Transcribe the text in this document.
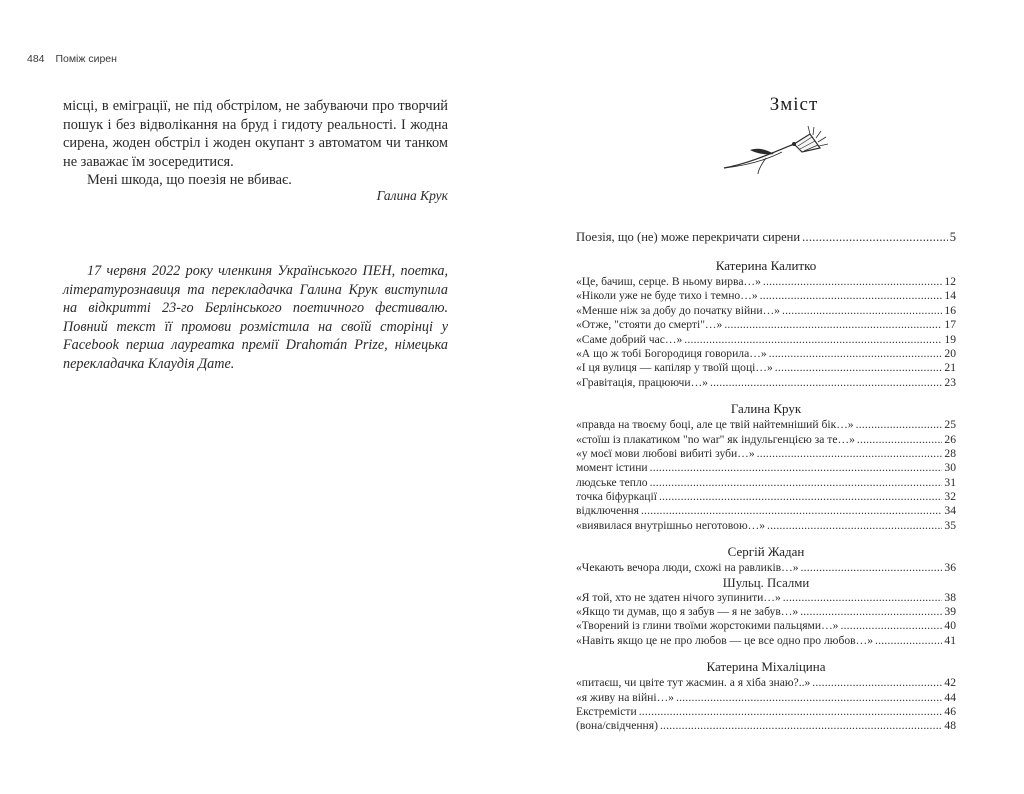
484 Поміж сирен

місці, в еміграції, не під обстрілом, не забуваючи про творчий пошук і без відволікання на бруд і гидоту реальності. І жодна сирена, жоден обстріл і жоден окупант з автоматом чи танком не заважає їм зосередитися.

Мені шкода, що поезія не вбиває.

Галина Крук
17 червня 2022 року членкиня Українського ПЕН, поетка, літературознавиця та перекладачка Галина Крук виступила на відкритті 23-го Берлінського поетичного фестивалю. Повний текст її промови розмістила на своїй сторінці у Facebook перша лауреатка премії Drahomán Prize, німецька перекладачка Клаудія Дате.
Зміст
Поезія, що (не) може перекричати сирени .....	5
Катерина Калитко
«Це, бачиш, серце. В ньому вирва…» .....	12
«Ніколи уже не буде тихо і темно…» .....	14
«Менше ніж за добу до початку війни…» .....	16
«Отже, "стояти до смерті"…» .....	17
«Саме добрий час…» .....	19
«А що ж тобі Богородиця говорила…» .....	20
«І ця вулиця — капіляр у твоїй щоці…» .....	21
«Гравітація, працюючи…» .....	23
Галина Крук
«правда на твоєму боці, але це твій найтемніший бік…» .....	25
«стоїш із плакатиком "no war" як індульгенцією за те…» .....	26
«у моєї мови любові вибиті зуби…» .....	28
момент істини .....	30
людське тепло .....	31
точка біфуркації .....	32
відключення .....	34
«виявилася внутрішньо неготовою…» .....	35
Сергій Жадан
«Чекають вечора люди, схожі на равликів…» .....	36
Шульц. Псалми
«Я той, хто не здатен нічого зупинити…» .....	38
«Якщо ти думав, що я забув — я не забув…» .....	39
«Творений із глини твоїми жорстокими пальцями…» .....	40
«Навіть якщо це не про любов — це все одно про любов…» .....	41
Катерина Міхаліцина
«питаєш, чи цвіте тут жасмин. а я хіба знаю?..» .....	42
«я живу на війні…» .....	44
Екстремісти .....	46
(вона/свідчення) .....	48
